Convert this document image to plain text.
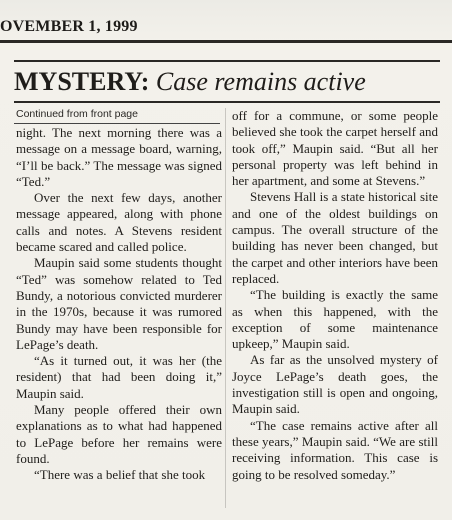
OVEMBER 1, 1999
MYSTERY: Case remains active
Continued from front page

night. The next morning there was a message on a message board, warning, “I’ll be back.” The message was signed “Ted.”

Over the next few days, another message appeared, along with phone calls and notes. A Stevens resident became scared and called police.

Maupin said some students thought “Ted” was somehow related to Ted Bundy, a notorious convicted murderer in the 1970s, because it was rumored Bundy may have been responsible for LePage’s death.

“As it turned out, it was her (the resident) that had been doing it,” Maupin said.

Many people offered their own explanations as to what had happened to LePage before her remains were found.

“There was a belief that she took

off for a commune, or some people believed she took the carpet herself and took off,” Maupin said. “But all her personal property was left behind in her apartment, and some at Stevens.”

Stevens Hall is a state historical site and one of the oldest buildings on campus. The overall structure of the building has never been changed, but the carpet and other interiors have been replaced.

“The building is exactly the same as when this happened, with the exception of some maintenance upkeep,” Maupin said.

As far as the unsolved mystery of Joyce LePage’s death goes, the investigation still is open and ongoing, Maupin said.

“The case remains active after all these years,” Maupin said. “We are still receiving information. This case is going to be resolved someday.”
